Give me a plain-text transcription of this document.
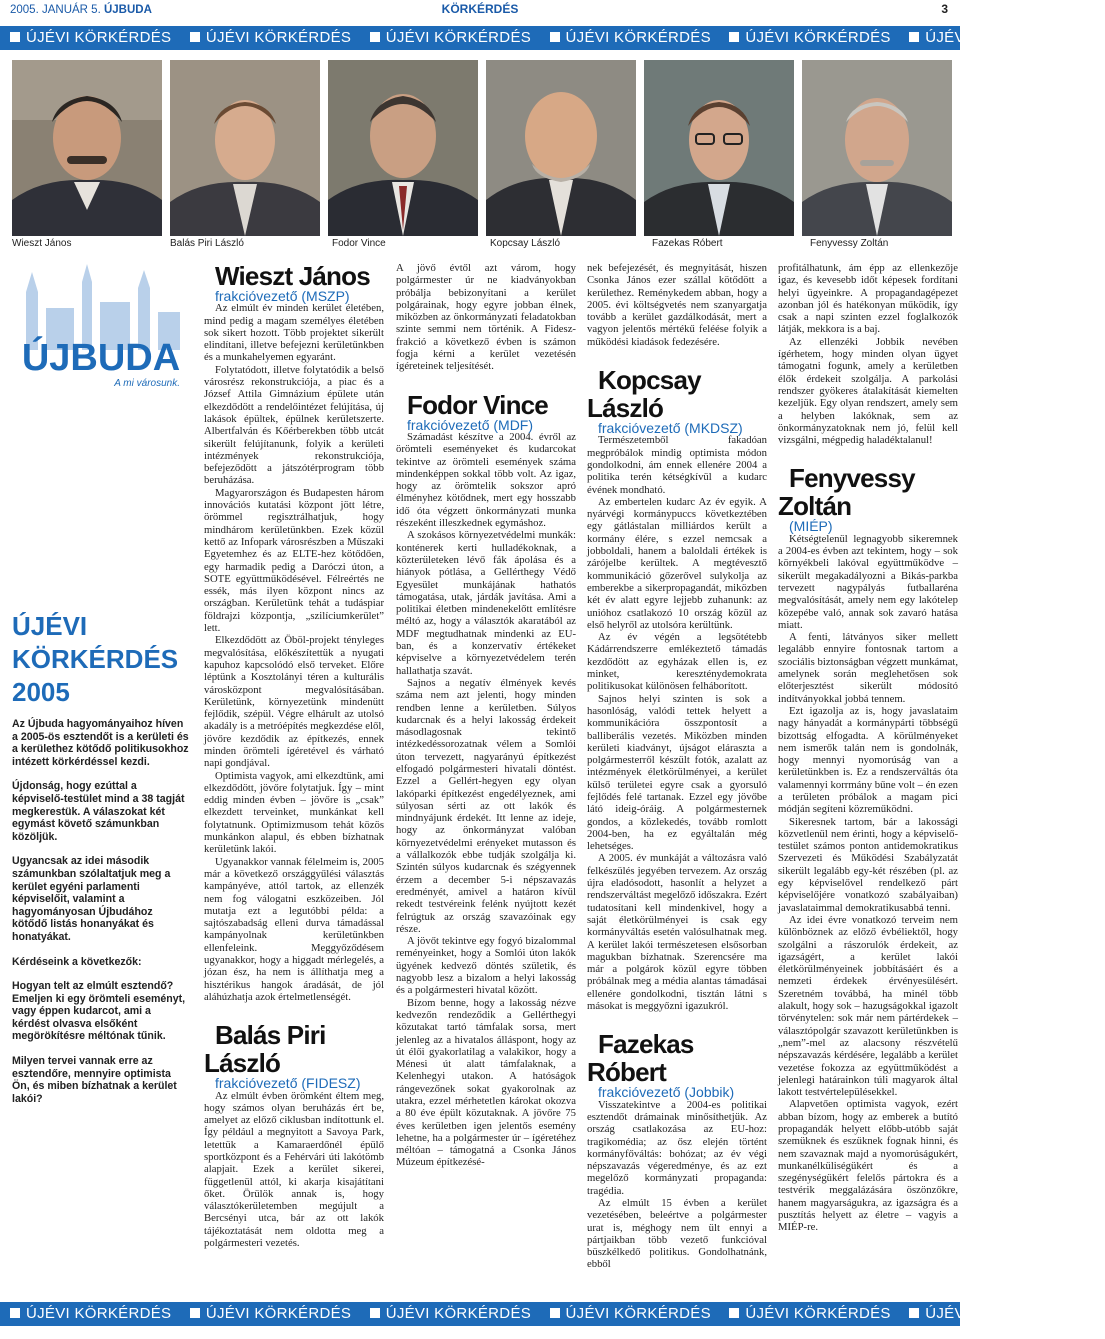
2005. JANUÁR 5. ÚJBUDA	KÖRKÉRDÉS	3
ÚJÉVI KÖRKÉRDÉS ÚJÉVI KÖRKÉRDÉS ÚJÉVI KÖRKÉRDÉS ÚJÉVI KÖRKÉRDÉS ÚJÉVI KÖRKÉRDÉS ÚJÉVI KÖRKÉRDÉS
Wieszt János	Balás Piri László	Fodor Vince	Kopcsay László	Fazekas Róbert	Fenyvessy Zoltán
ÚJBUDA
A mi városunk.
ÚJÉVI
KÖRKÉRDÉS
2005

Az Újbuda hagyományaihoz híven a 2005-ös esztendőt is a kerületi és a kerülethez kötődő politikusokhoz intézett körkérdéssel kezdi.

Újdonság, hogy ezúttal a képviselő-testület mind a 38 tagját megkerestük. A válaszokat két egymást követő számunkban közöljük.

Ugyancsak az idei második számunkban szólaltatjuk meg a kerület egyéni parlamenti képviselőit, valamint a hagyományosan Újbudához kötődő listás honanyákat és honatyákat.

Kérdéseink a következők:

Hogyan telt az elmúlt esztendő? Emeljen ki egy örömteli eseményt, vagy éppen kudarcot, ami a kérdést olvasva elsőként megörökítésre méltónak tűnik.

Milyen tervei vannak erre az esztendőre, mennyire optimista Ön, és miben bízhatnak a kerület lakói?

Wieszt János

frakcióvezető (MSZP)

Az elmúlt év minden kerület életében, mind pedig a magam személyes életében sok sikert hozott. Több projektet sikerült elindítani, illetve befejezni kerületünkben és a munkahelyemen egyaránt.

Folytatódott, illetve folytatódik a belső városrész rekonstrukciója, a piac és a József Attila Gimnázium épülete után elkezdődött a rendelőintézet felújítása, új lakások épültek, épülnek kerületszerte. Albertfalván és Kőérberekben több utcát sikerült felújítanunk, folyik a kerületi intézmények rekonstrukciója, befejeződött a játszótérprogram több beruházása.

Magyarországon és Budapesten három innovációs kutatási központ jött létre, örömmel regisztrálhatjuk, hogy mindhárom kerületünkben. Ezek közül kettő az Infopark városrészben a Műszaki Egyetemhez és az ELTE-hez kötődően, egy harmadik pedig a Daróczi úton, a SOTE együttműködésével. Félreértés ne essék, más ilyen központ nincs az országban. Kerületünk tehát a tudáspiar földrajzi központja, „szilíciumkerület” lett.

Elkezdődött az Öböl-projekt tényleges megvalósítása, előkészítettük a nyugati kapuhoz kapcsolódó első terveket. Előre léptünk a Kosztolányi téren a kulturális városközpont megvalósításában. Kerületünk, környezetünk mindenütt fejlődik, szépül. Végre elhárult az utolsó akadály is a metróépítés megkezdése elől, jövőre kezdődik az építkezés, ennek minden örömteli ígéretével és várható napi gondjával.

Optimista vagyok, ami elkezdtünk, ami elkezdődött, jövőre folytatjuk. Így – mint eddig minden évben – jövőre is „csak” elkezdett terveinket, munkánkat kell folytatnunk. Optimizmusom tehát közös munkánkon alapul, és ebben bízhatnak kerületünk lakói.

Ugyanakkor vannak félelmeim is, 2005 már a következő országgyűlési választás kampányéve, attól tartok, az ellenzék nem fog válogatni eszközeiben. Jól mutatja ezt a legutóbbi példa: a sajtószabadság elleni durva támadással kampányolnak kerületünkben ellenfeleink. Meggyőződésem ugyanakkor, hogy a higgadt mérlegelés, a józan ész, ha nem is állíthatja meg a hisztérikus hangok áradását, de jól aláhúzhatja azok értelmetlenségét.

Balás Piri László

frakcióvezető (FIDESZ)

Az elmúlt évben örömként éltem meg, hogy számos olyan beruházás ért be, amelyet az előző ciklusban indítottunk el. Így például a megnyitott a Savoya Park, letettük a Kamaraerdőnél épülő sportközpont és a Fehérvári úti lakótömb alapjait. Ezek a kerület sikerei, függetlenül attól, ki akarja kisajátítani őket. Örülök annak is, hogy választókerületemben megújult a Bercsényi utca, bár az ott lakók tájékoztatását nem oldotta meg a polgármesteri vezetés.

A jövő évtől azt várom, hogy polgármester úr ne kiadványokban próbálja bebizonyítani a kerület polgárainak, hogy egyre jobban élnek, miközben az önkormányzati feladatokban szinte semmi nem történik. A Fidesz-frakció a következő évben is számon fogja kérni a kerület vezetésén ígéreteinek teljesítését.

Fodor Vince

frakcióvezető (MDF)

Számadást készítve a 2004. évről az örömteli eseményeket és kudarcokat tekintve az örömteli események száma mindenképpen sokkal több volt. Az igaz, hogy az örömtelik sokszor apró élményhez kötődnek, mert egy hosszabb idő óta végzett önkormányzati munka részeként illeszkednek egymáshoz.

A szokásos környezetvédelmi munkák: konténerek kerti hulladékoknak, a közterületeken lévő fák ápolása és a hiányok pótlása, a Gellérthegy Védő Egyesület munkájának hathatós támogatása, utak, járdák javítása. Ami a politikai életben mindenekelőtt említésre méltó az, hogy a választók akaratából az MDF megtudhatnak mindenki az EU-ban, és a konzervatív értékeket képviselve a környezetvédelem terén hallathatja szavát.

Sajnos a negatív élmények kevés száma nem azt jelenti, hogy minden rendben lenne a kerületben. Súlyos kudarcnak és a helyi lakosság érdekeit másodlagosnak tekintő intézkedéssorozatnak vélem a Somlói úton tervezett, nagyarányú építkezést elfogadó polgármesteri hivatali döntést. Ezzel a Gellért-hegyen egy olyan lakóparki építkezést engedélyeznek, ami súlyosan sérti az ott lakók és mindnyájunk érdekét. Itt lenne az ideje, hogy az önkormányzat valóban környezetvédelmi erényeket mutasson és a vállalkozók ebbe tudják szolgálja ki. Szintén súlyos kudarcnak és szégyennek érzem a december 5-i népszavazás eredményét, amivel a határon kívül rekedt testvéreink felénk nyújtott kezét felrúgtuk az ország szavazóinak egy része.

A jövőt tekintve egy fogyó bizalommal reményeinket, hogy a Somlói úton lakók ügyének kedvező döntés születik, és nagyobb lesz a bizalom a helyi lakosság és a polgármesteri hivatal között.

Bízom benne, hogy a lakosság nézve kedvezőn rendeződik a Gellérthegyi közutakat tartó támfalak sorsa, mert jelenleg az a hivatalos álláspont, hogy az út élői gyakorlatilag a valakikor, hogy a Ménesi út alatt támfalaknak, a Kelenhegyi utakon. A hatóságok rángevezőnek sokat gyakorolnak az utakra, ezzel mérhetetlen károkat okozva a 80 éve épült közutaknak. A jövőre 75 éves kerületben igen jelentős esemény lehetne, ha a polgármester úr – ígéretéhez méltóan – támogatná a Csonka János Múzeum építkezésé-

nek befejezését, és megnyitását, hiszen Csonka János ezer szállal kötődött a kerülethez. Reménykedem abban, hogy a 2005. évi költségvetés nem szanyargatja tovább a kerület gazdálkodását, mert a vagyon jelentős mértékű feléése folyik a működési kiadások fedezésére.

Kopcsay László

frakcióvezető (MKDSZ)

Természetemből fakadóan megpróbálok mindig optimista módon gondolkodni, ám ennek ellenére 2004 a politika terén kétségkívül a kudarc évének mondható.

Az embertelen kudarc Az év egyik. A nyárvégi kormánypuccs következtében egy gátlástalan milliárdos került a kormány élére, s ezzel nemcsak a jobboldali, hanem a baloldali értékek is zárójelbe kerültek. A megtévesztő kommunikáció gőzerővel sulykolja az emberekbe a sikerpropagandát, miközben két év alatt egyre lejjebb zuhanunk: az unióhoz csatlakozó 10 ország közül az első helyről az utolsóra kerültünk.

Az év végén a legsötétebb Kádárrendszerre emlékeztető támadás kezdődött az egyházak ellen is, ez minket, kereszténydemokrata politikusokat különösen felháborított.

Sajnos helyi szinten is sok a hasonlóság, valódi tettek helyett a kommunikációra összpontosít a balliberális vezetés. Miközben minden kerületi kiadványt, újságot eláraszta a polgármesterről készült fotók, azalatt az intézmények életkörülményei, a kerület külső területei egyre csak a gyorsuló fejlődés felé tartanak. Ezzel egy jövőbe látó ideig-óráig. A polgármesternek gondos, a közlekedés, tovább romlott 2004-ben, ha ez egyáltalán még lehetséges.

A 2005. év munkáját a változásra való felkészülés jegyében tervezem. Az ország újra eladósodott, hasonlít a helyzet a rendszerváltást megelőző időszakra. Ezért tudatosítani kell mindenkivel, hogy a saját életkörülményei is csak egy kormányváltás esetén valósulhatnak meg. A kerület lakói természetesen elsősorban magukban bízhatnak. Szerencsére ma már a polgárok közül egyre többen próbálnak meg a média alantas támadásai ellenére gondolkodni, tisztán látni s másokat is meggyőzni igazukról.

Fazekas Róbert

frakcióvezető (Jobbik)

Visszatekintve a 2004-es politikai esztendőt drámainak minősíthetjük. Az ország csatlakozása az EU-hoz: tragikomédia; az ősz elején történt kormányfőváltás: bohózat; az év végi népszavazás végeredménye, és az ezt megelőző kormányzati propaganda: tragédia.

Az elmúlt 15 évben a kerület vezetésében, beleértve a polgármester urat is, méghogy nem ült ennyi a pártjaikban több vezető funkcióval büszkélkedő politikus. Gondolhatnánk, ebből

profitálhatunk, ám épp az ellenkezője igaz, és kevesebb időt képesek fordítani helyi ügyeinkre. A propagandagépezet azonban jól és hatékonyan működik, így csak a napi szinten ezzel foglalkozók látják, mekkora is a baj.

Az ellenzéki Jobbik nevében ígérhetem, hogy minden olyan ügyet támogatni fogunk, amely a kerületben élők érdekeit szolgálja. A parkolási rendszer gyökeres átalakítását kiemelten kezeljük. Egy olyan rendszert, amely sem a helyben lakóknak, sem az önkormányzatoknak nem jó, felül kell vizsgálni, mégpedig haladéktalanul!

Fenyvessy Zoltán

(MIÉP)

Kétségtelenül legnagyobb sikeremnek a 2004-es évben azt tekintem, hogy – sok környékbeli lakóval együttműködve – sikerült megakadályozni a Bikás-parkba tervezett nagypályás futballaréna megvalósítását, amely nem egy lakótelep közepébe való, annak sok zavaró hatása miatt.

A fenti, látványos siker mellett legalább ennyire fontosnak tartom a szociális biztonságban végzett munkámat, amelynek során meglehetősen sok előterjesztést sikerült módosító indítványokkal jobbá tennem.

Ezt igazolja az is, hogy javaslataim nagy hányadát a kormánypárti többségű bizottság elfogadta. A körülményeket nem ismerők talán nem is gondolnák, hogy mennyi nyomorúság van a kerületünkben is. Ez a rendszerváltás óta valamennyi korrmány bűne volt – én ezen a területen próbálok a magam pici módján segíteni közreműködni.

Sikeresnek tartom, bár a lakossági közvetlenül nem érinti, hogy a képviselő-testület számos ponton antidemokratikus Szervezeti és Működési Szabályzatát sikerült legalább egy-két részében (pl. az egy képviselővel rendelkező párt képviselőjére vonatkozó szabályaiban) javaslataimmal demokratikusabbá tenni.

Az idei évre vonatkozó terveim nem különböznek az előző évbéliektől, hogy szolgálni a rászorulók érdekeit, az igazságért, a kerület lakói életkörülményeinek jobbításáért és a nemzeti érdekek érvényesülésért. Szeretném továbbá, ha minél több alakult, hogy sok – hazugságokkal igazolt törvénytelen: sok már nem pártérdekek – választópolgár szavazott kerületünkben is „nem”-mel az alacsony részvételű népszavazás kérdésére, legalább a kerület vezetése fokozza az együttműködést a jelenlegi határainkon túli magyarok által lakott testvértelepülésekkel.

Alapvetően optimista vagyok, ezért abban bízom, hogy az emberek a butító propagandák helyett előbb-utóbb saját szemüknek és eszüknek fognak hinni, és nem szavaznak majd a nyomorúságukért, munkanélküliségükért és a szegénységükért felelős pártokra és a testvérik meggalázására öszönzőkre, hanem magyarságukra, az igazságra és a pusztítás helyett az életre – vagyis a MIÉP-re.

ÚJÉVI KÖRKÉRDÉS ÚJÉVI KÖRKÉRDÉS ÚJÉVI KÖRKÉRDÉS ÚJÉVI KÖRKÉRDÉS ÚJÉVI KÖRKÉRDÉS ÚJÉVI KÖRKÉRDÉS
